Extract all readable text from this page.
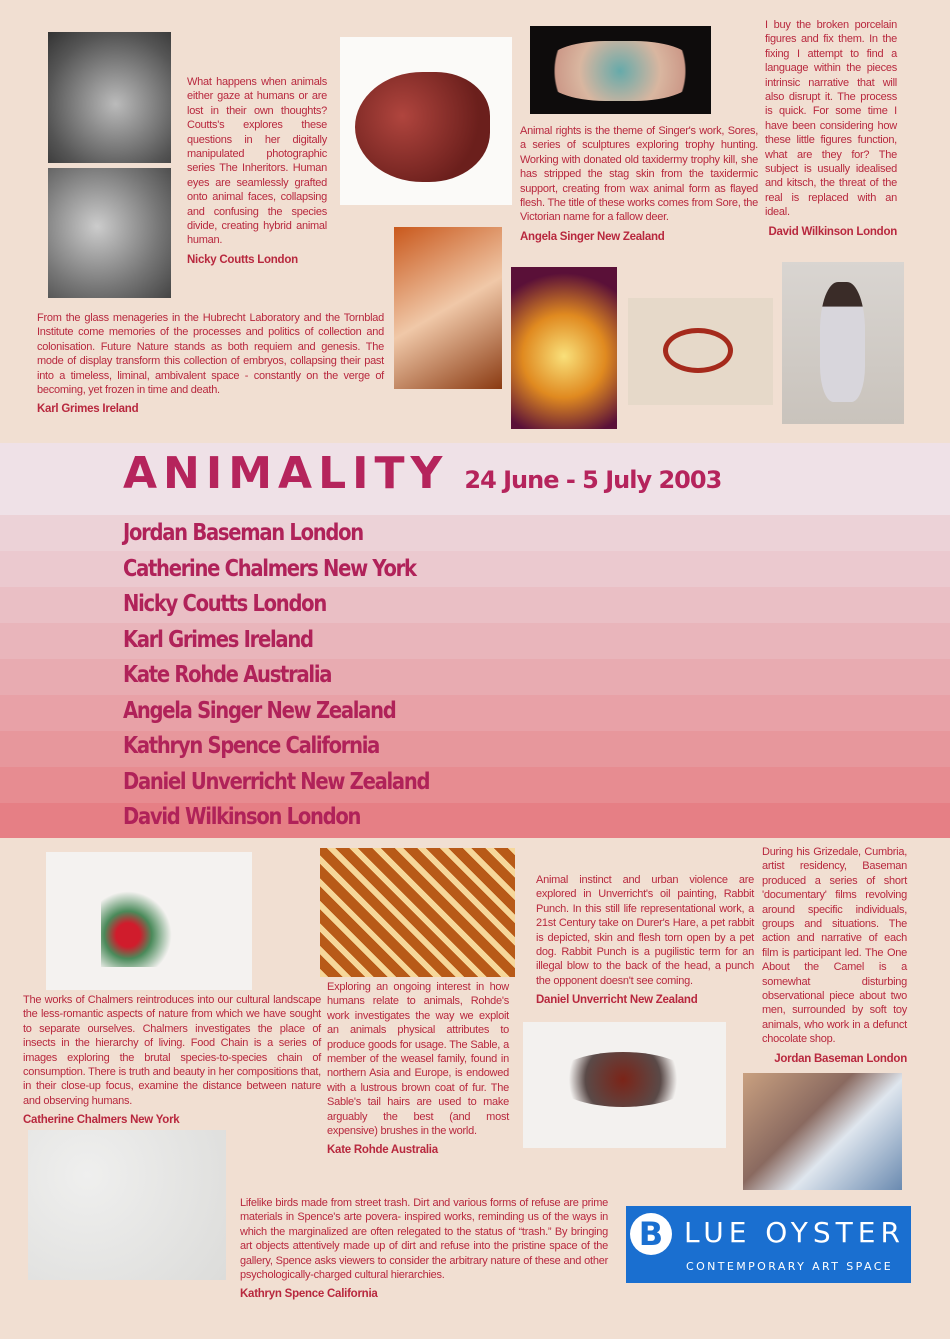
What happens when animals either gaze at humans or are lost in their own thoughts? Coutts's explores these questions in her digitally manipulated photographic series The Inheritors. Human eyes are seamlessly grafted onto animal faces, collapsing and confusing the species divide, creating hybrid animal human.

Nicky Coutts London

Animal rights is the theme of Singer's work, Sores, a series of sculptures exploring trophy hunting. Working with donated old taxidermy trophy kill, she has stripped the stag skin from the taxidermic support, creating from wax animal form as flayed flesh. The title of these works comes from Sore, the Victorian name for a fallow deer.

Angela Singer New Zealand

I buy the broken porcelain figures and fix them. In the fixing I attempt to find a language within the pieces intrinsic narrative that will also disrupt it. The process is quick. For some time I have been considering how these little figures function, what are they for? The subject is usually idealised and kitsch, the threat of the real is replaced with an ideal.

David Wilkinson London

From the glass menageries in the Hubrecht Laboratory and the Tornblad Institute come memories of the processes and politics of collection and colonisation. Future Nature stands as both requiem and genesis. The mode of display transform this collection of embryos, collapsing their past into a timeless, liminal, ambivalent space - constantly on the verge of becoming, yet frozen in time and death.

Karl Grimes Ireland
ANIMALITY 24 June - 5 July 2003
Jordan Baseman London
Catherine Chalmers New York
Nicky Coutts London
Karl Grimes Ireland
Kate Rohde Australia
Angela Singer New Zealand
Kathryn Spence California
Daniel Unverricht New Zealand
David Wilkinson London

The works of Chalmers reintroduces into our cultural landscape the less-romantic aspects of nature from which we have sought to separate ourselves. Chalmers investigates the place of insects in the hierarchy of living. Food Chain is a series of images exploring the brutal species-to-species chain of consumption. There is truth and beauty in her compositions that, in their close-up focus, examine the distance between nature and observing humans.

Catherine Chalmers New York

Exploring an ongoing interest in how humans relate to animals, Rohde's work investigates the way we exploit an animals physical attributes to produce goods for usage. The Sable, a member of the weasel family, found in northern Asia and Europe, is endowed with a lustrous brown coat of fur. The Sable's tail hairs are used to make arguably the best (and most expensive) brushes in the world.

Kate Rohde Australia

Animal instinct and urban violence are explored in Unverricht's oil painting, Rabbit Punch. In this still life representational work, a 21st Century take on Durer's Hare, a pet rabbit is depicted, skin and flesh torn open by a pet dog. Rabbit Punch is a pugilistic term for an illegal blow to the back of the head, a punch the opponent doesn't see coming.

Daniel Unverricht New Zealand

During his Grizedale, Cumbria, artist residency, Baseman produced a series of short 'documentary' films revolving around specific individuals, groups and situations. The action and narrative of each film is participant led. The One About the Camel is a somewhat disturbing observational piece about two men, surrounded by soft toy animals, who work in a defunct chocolate shop.

Jordan Baseman London

Lifelike birds made from street trash. Dirt and various forms of refuse are prime materials in Spence's arte povera- inspired works, reminding us of the ways in which the marginalized are often relegated to the status of “trash.” By bringing art objects attentively made up of dirt and refuse into the pristine space of the gallery, Spence asks viewers to consider the arbitrary nature of these and other psychologically-charged cultural hierarchies.

Kathryn Spence California
B LUE OYSTER
CONTEMPORARY ART SPACE
